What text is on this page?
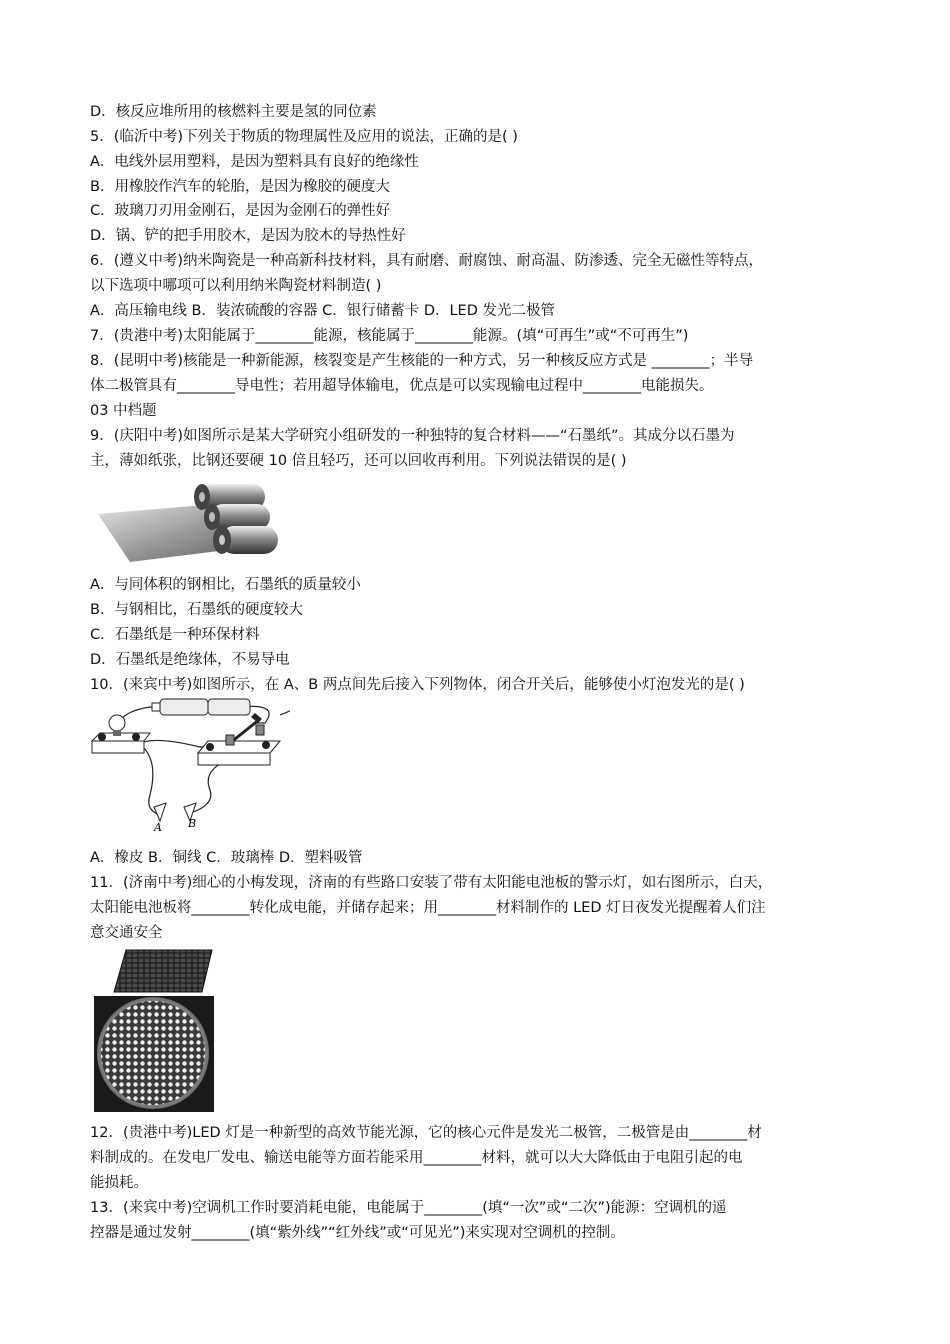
D．核反应堆所用的核燃料主要是氢的同位素
5．(临沂中考)下列关于物质的物理属性及应用的说法，正确的是( )
A．电线外层用塑料，是因为塑料具有良好的绝缘性
B．用橡胶作汽车的轮胎，是因为橡胶的硬度大
C．玻璃刀刃用金刚石，是因为金刚石的弹性好
D．锅、铲的把手用胶木，是因为胶木的导热性好
6．(遵义中考)纳米陶瓷是一种高新科技材料，具有耐磨、耐腐蚀、耐高温、防渗透、完全无磁性等特点，
以下选项中哪项可以利用纳米陶瓷材料制造( )
A．高压输电线 B．装浓硫酸的容器 C．银行储蓄卡 D．LED 发光二极管
7．(贵港中考)太阳能属于________能源，核能属于________能源。(填“可再生”或“不可再生”)
8．(昆明中考)核能是一种新能源，核裂变是产生核能的一种方式，另一种核反应方式是 ________；半导
体二极管具有________导电性；若用超导体输电，优点是可以实现输电过程中________电能损失。
03 中档题
9．(庆阳中考)如图所示是某大学研究小组研发的一种独特的复合材料——“石墨纸”。其成分以石墨为
主，薄如纸张，比钢还要硬 10 倍且轻巧，还可以回收再利用。下列说法错误的是( )
A．与同体积的钢相比，石墨纸的质量较小
B．与钢相比，石墨纸的硬度较大
C．石墨纸是一种环保材料
D．石墨纸是绝缘体，不易导电
10．(来宾中考)如图所示，在 A、B 两点间先后接入下列物体，闭合开关后，能够使小灯泡发光的是( )
A B
A．橡皮 B．铜线 C．玻璃棒 D．塑料吸管
11．(济南中考)细心的小梅发现，济南的有些路口安装了带有太阳能电池板的警示灯，如右图所示，白天，
太阳能电池板将________转化成电能，并储存起来；用________材料制作的 LED 灯日夜发光提醒着人们注
意交通安全
12．(贵港中考)LED 灯是一种新型的高效节能光源，它的核心元件是发光二极管，二极管是由________材
料制成的。在发电厂发电、输送电能等方面若能采用________材料，就可以大大降低由于电阻引起的电
能损耗。
13．(来宾中考)空调机工作时要消耗电能，电能属于________(填“一次”或“二次”)能源：空调机的遥
控器是通过发射________(填“紫外线”“红外线”或“可见光”)来实现对空调机的控制。
